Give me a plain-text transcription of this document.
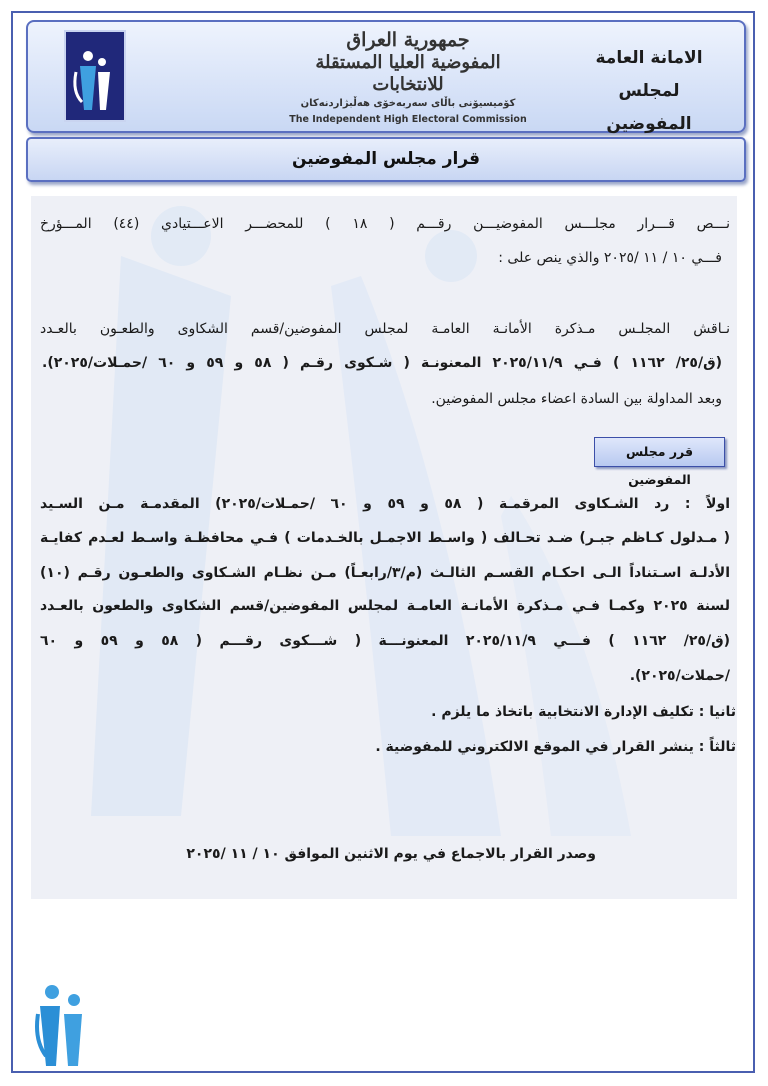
جمهورية العراق
المفوضية العليا المستقلة للانتخابات
كۆمیسیۆنی باڵای سەربەخۆی هەڵبژاردنەكان
The Independent High Electoral Commission
الامانة العامة
لمجلس المفوضين
قرار مجلس المفوضين
نـــص قـــرار مجلـــس المفوضيـــن رقـــم ( ١٨ ) للمحضـــر الاعـــتيادي (٤٤) المـــؤرخ
فـــي ١٠ / ١١ /٢٠٢٥ والذي ينص على :
نـاقش المجلـس مـذكرة الأمانـة العامـة لمجلس المفوضين/قسم الشكاوى والطعـون بالعـدد
(ق/٢٥/ ١١٦٢ ) فـي ٢٠٢٥/١١/٩ المعنونـة ( شـكوى رقـم ( ٥٨ و ٥٩ و ٦٠ /حمـلات/٢٠٢٥).
وبعد المداولة بين السادة اعضاء مجلس المفوضين.
قرر مجلس المفوضين
اولاً : رد الشـكاوى المرقمـة ( ٥٨ و ٥٩ و ٦٠ /حمـلات/٢٠٢٥) المقدمـة مـن السـيد
( مـدلول كـاظم جبـر) ضـد تحـالف ( واسـط الاجمـل بالخـدمات ) فـي محافظـة واسـط لعـدم كفايـة
الأدلـة اسـتناداً الـى احكـام القسـم الثالـث (م/٣/رابعـاً) مـن نظـام الشـكاوى والطعـون رقـم (١٠)
لسنة ٢٠٢٥ وكمـا فـي مـذكرة الأمانـة العامـة لمجلس المفوضين/قسم الشكاوى والطعون بالعـدد
(ق/٢٥/ ١١٦٢ ) فـــي ٢٠٢٥/١١/٩ المعنونـــة ( شـــكوى رقـــم ( ٥٨ و ٥٩ و ٦٠
/حملات/٢٠٢٥).
ثانيا : تكليف الإدارة الانتخابية باتخاذ ما يلزم .
ثالثاً : ينشر القرار في الموقع الالكتروني للمفوضية .
وصدر القرار بالاجماع في يوم الاثنين الموافق ١٠ / ١١ /٢٠٢٥
